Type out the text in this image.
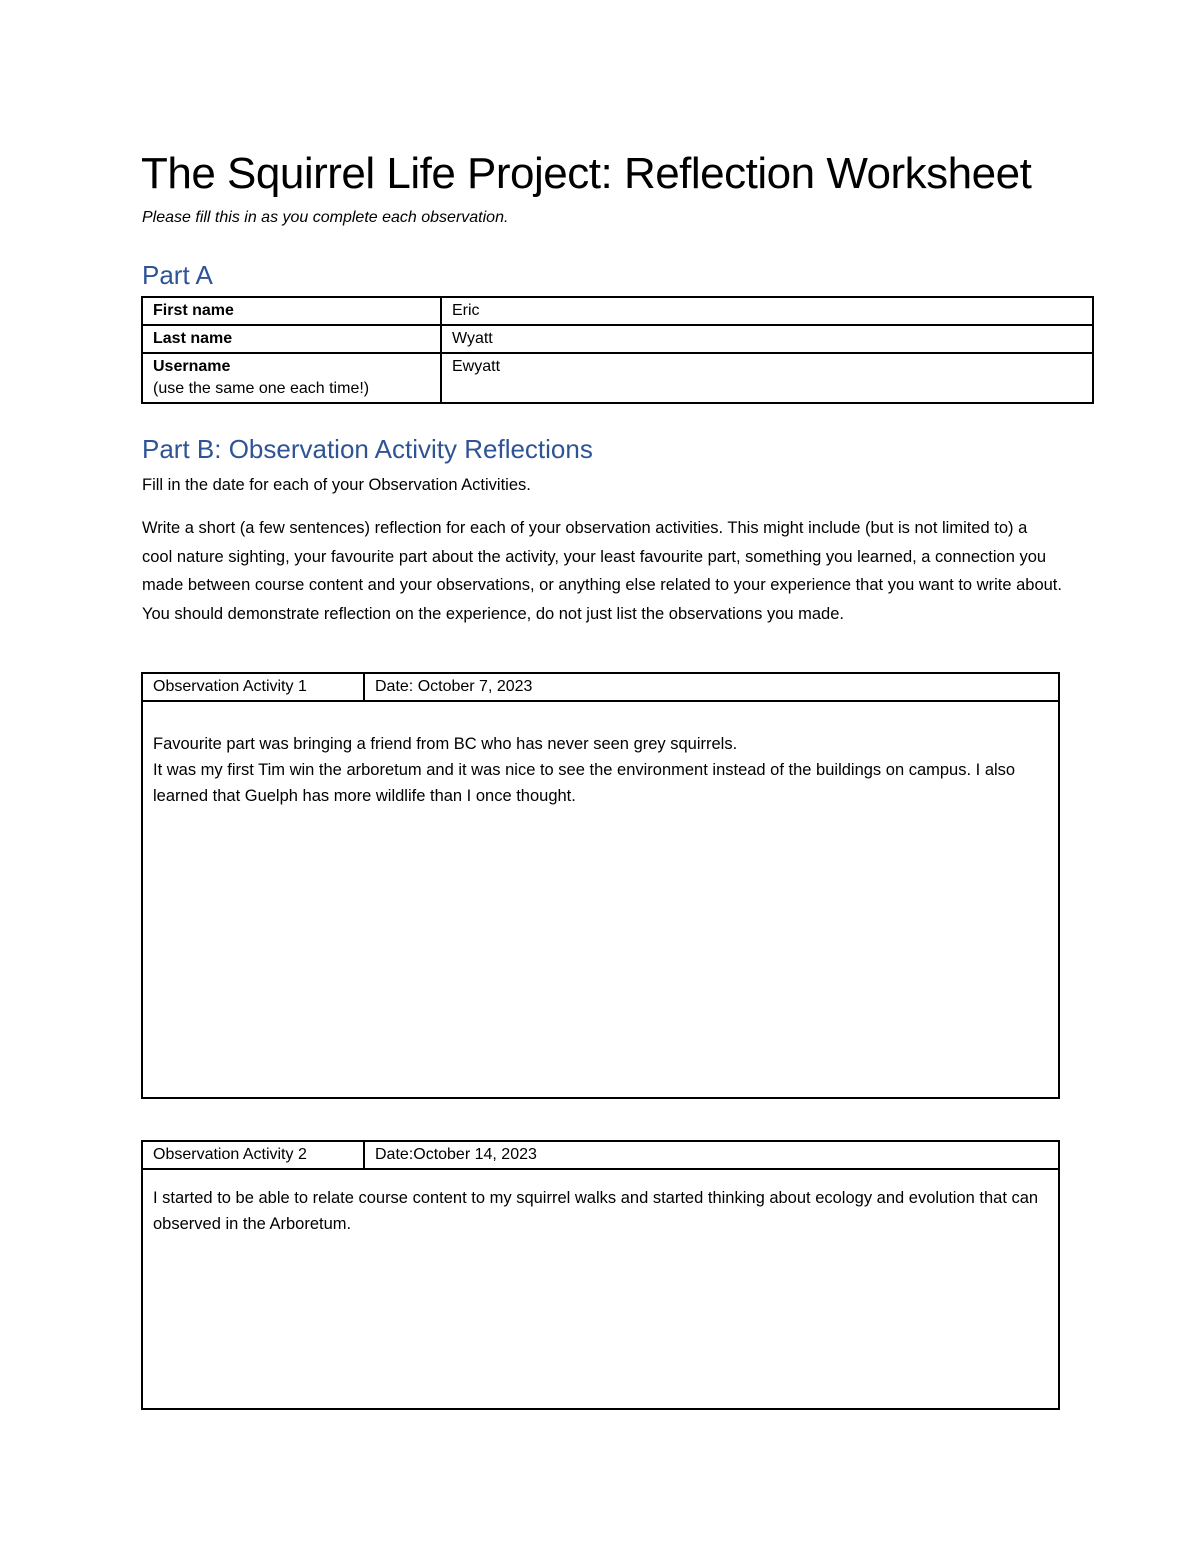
The Squirrel Life Project: Reflection Worksheet
Please fill this in as you complete each observation.
Part A
First name	Eric
Last name	Wyatt
Username
(use the same one each time!)	Ewyatt
Part B: Observation Activity Reflections

Fill in the date for each of your Observation Activities.

Write a short (a few sentences) reflection for each of your observation activities. This might include (but is not limited to) a cool nature sighting, your favourite part about the activity, your least favourite part, something you learned, a connection you made between course content and your observations, or anything else related to your experience that you want to write about. You should demonstrate reflection on the experience, do not just list the observations you made.

Observation Activity 1	Date: October 7, 2023

Favourite part was bringing a friend from BC who has never seen grey squirrels.

It was my first Tim win the arboretum and it was nice to see the environment instead of the buildings on campus. I also learned that Guelph has more wildlife than I once thought.

Observation Activity 2	Date:October 14, 2023

I started to be able to relate course content to my squirrel walks and started thinking about ecology and evolution that can observed in the Arboretum.
